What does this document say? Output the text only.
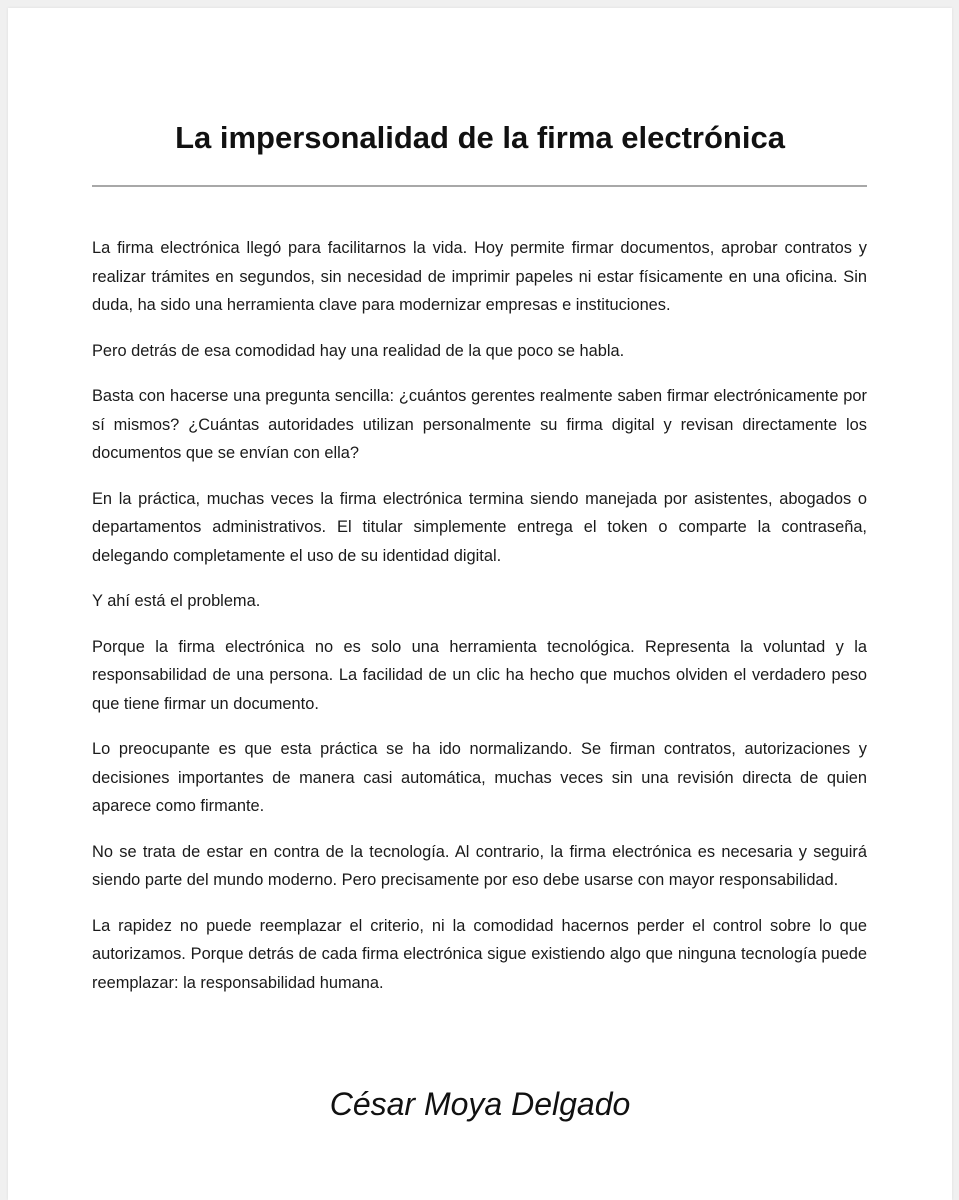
La impersonalidad de la firma electrónica

La firma electrónica llegó para facilitarnos la vida. Hoy permite firmar documentos, aprobar contratos y realizar trámites en segundos, sin necesidad de imprimir papeles ni estar físicamente en una oficina. Sin duda, ha sido una herramienta clave para modernizar empresas e instituciones.

Pero detrás de esa comodidad hay una realidad de la que poco se habla.

Basta con hacerse una pregunta sencilla: ¿cuántos gerentes realmente saben firmar electrónicamente por sí mismos? ¿Cuántas autoridades utilizan personalmente su firma digital y revisan directamente los documentos que se envían con ella?

En la práctica, muchas veces la firma electrónica termina siendo manejada por asistentes, abogados o departamentos administrativos. El titular simplemente entrega el token o comparte la contraseña, delegando completamente el uso de su identidad digital.

Y ahí está el problema.

Porque la firma electrónica no es solo una herramienta tecnológica. Representa la voluntad y la responsabilidad de una persona. La facilidad de un clic ha hecho que muchos olviden el verdadero peso que tiene firmar un documento.

Lo preocupante es que esta práctica se ha ido normalizando. Se firman contratos, autorizaciones y decisiones importantes de manera casi automática, muchas veces sin una revisión directa de quien aparece como firmante.

No se trata de estar en contra de la tecnología. Al contrario, la firma electrónica es necesaria y seguirá siendo parte del mundo moderno. Pero precisamente por eso debe usarse con mayor responsabilidad.

La rapidez no puede reemplazar el criterio, ni la comodidad hacernos perder el control sobre lo que autorizamos. Porque detrás de cada firma electrónica sigue existiendo algo que ninguna tecnología puede reemplazar: la responsabilidad humana.

César Moya Delgado
